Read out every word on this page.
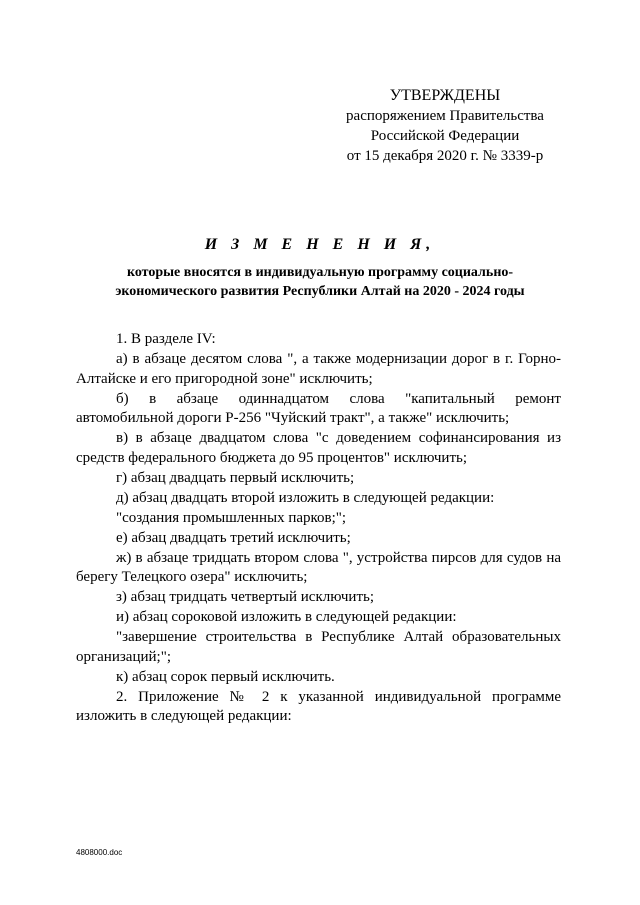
УТВЕРЖДЕНЫ
распоряжением Правительства
Российской Федерации
от 15 декабря 2020 г. № 3339-р
И З М Е Н Е Н И Я,
которые вносятся в индивидуальную программу социально-
экономического развития Республики Алтай на 2020 - 2024 годы

1. В разделе IV:

а) в абзаце десятом слова ", а также модернизации дорог в г. Горно-Алтайске и его пригородной зоне" исключить;

б) в абзаце одиннадцатом слова "капитальный ремонт автомобильной дороги Р-256 "Чуйский тракт", а также" исключить;

в) в абзаце двадцатом слова "с доведением софинансирования из средств федерального бюджета до 95 процентов" исключить;

г) абзац двадцать первый исключить;

д) абзац двадцать второй изложить в следующей редакции:

"создания промышленных парков;";

е) абзац двадцать третий исключить;

ж) в абзаце тридцать втором слова ", устройства пирсов для судов на берегу Телецкого озера" исключить;

з) абзац тридцать четвертый исключить;

и) абзац сороковой изложить в следующей редакции:

"завершение строительства в Республике Алтай образовательных организаций;";

к) абзац сорок первый исключить.

2. Приложение № 2 к указанной индивидуальной программе изложить в следующей редакции:

4808000.doc
